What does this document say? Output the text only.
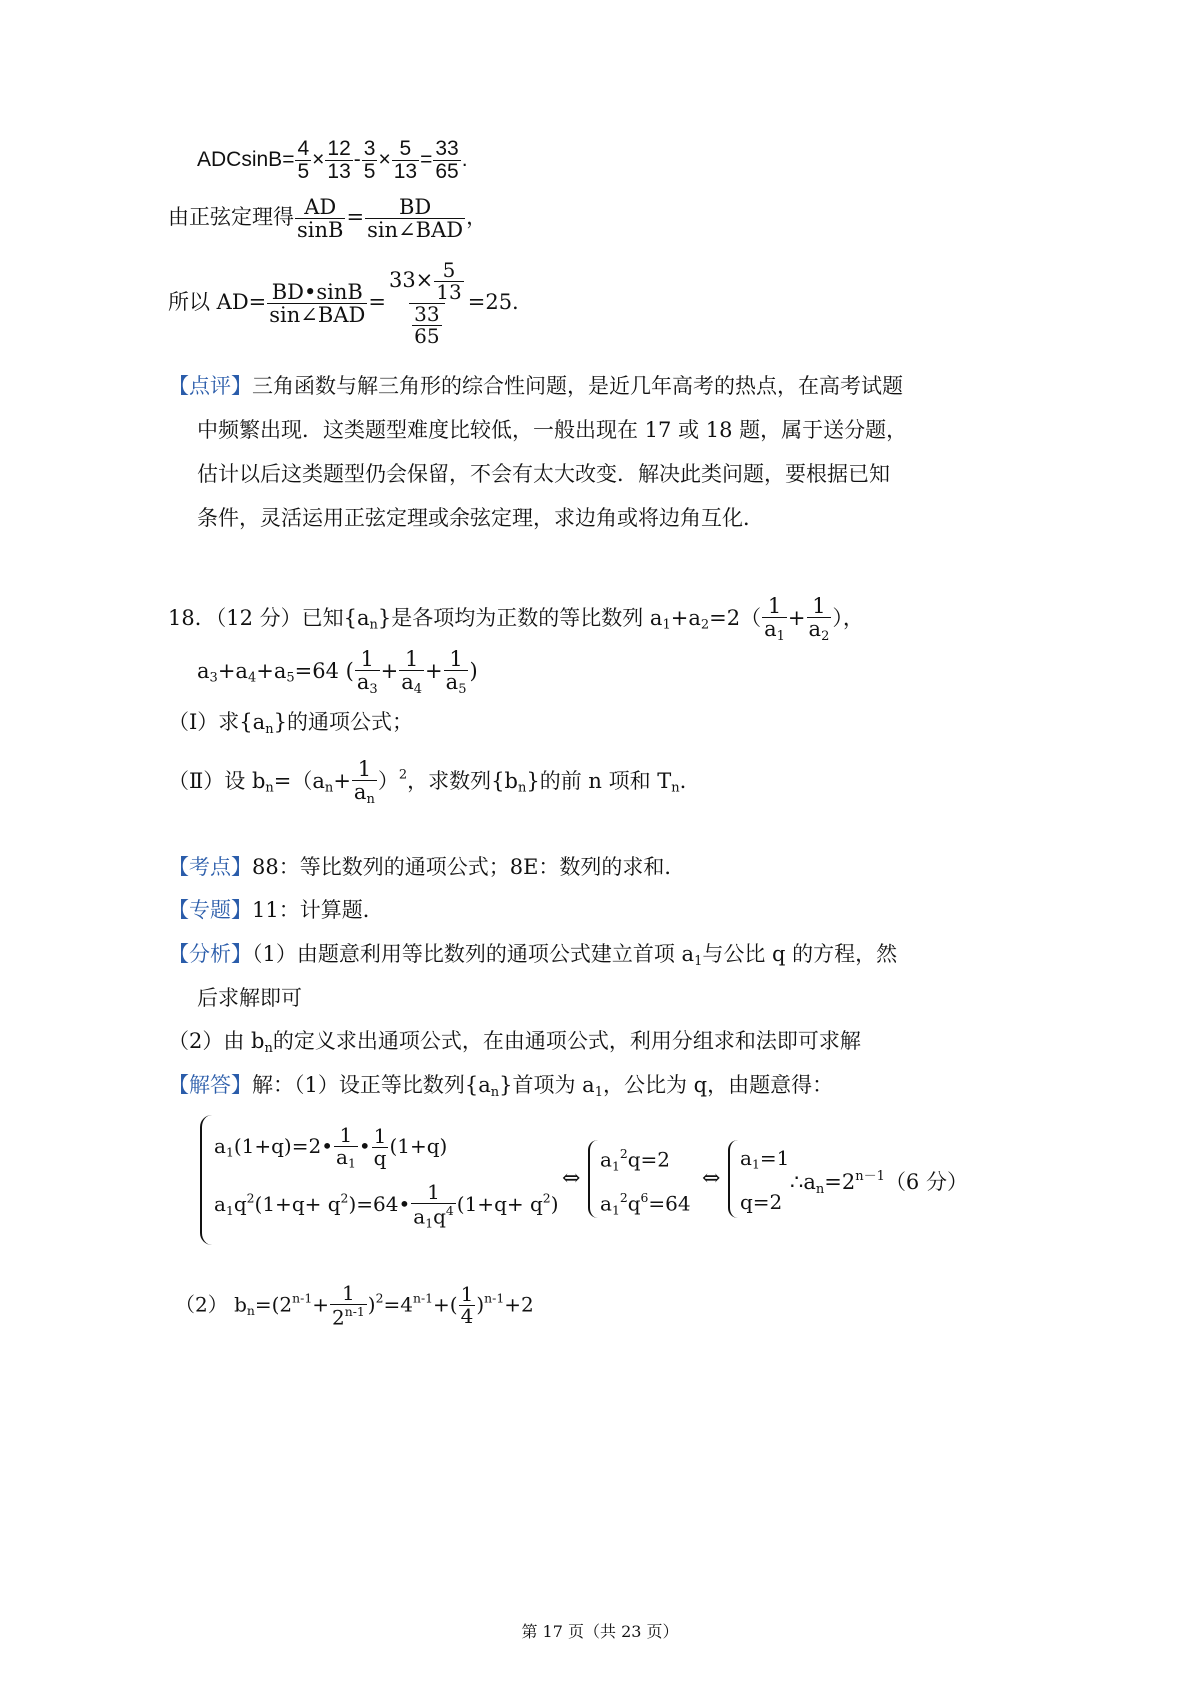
$ADCsinB= \frac{4}{5} \times \frac{12}{13} - \frac{3}{5} \times \frac{5}{13} = \frac{33}{65}$ .
由正弦定理得 $\frac{AD}{\sin B} = \frac{BD}{\text{sin∠BAD}}$ ，
所以 $AD= \frac{BD•\sin B}{\text{sin∠BAD}} = \frac{33\times \frac{5}{13}}{\frac{33}{65}} =25$.
【点评】三角函数与解三角形的综合性问题，是近几年高考的热点，在高考试题
中频繁出现．这类题型难度比较低，一般出现在 17 或 18 题，属于送分题，
估计以后这类题型仍会保留，不会有太大改变．解决此类问题，要根据已知
条件，灵活运用正弦定理或余弦定理，求边角或将边角互化．
18．（12 分）已知$\{a_n\}$是各项均为正数的等比数列 $a_1+a_2=2( \frac{1}{a_1} + \frac{1}{a_2}$ ），
$a_3+a_4+a_5=64$ ( $\frac{1}{a_3} + \frac{1}{a_4} + \frac{1}{a_5}$ )
（Ⅰ）求$\{a_n\}$的通项公式；
（Ⅱ）设 $b_n=(a_n+ \frac{1}{a_n} )^2$，求数列$\{b_n\}$的前 n 项和 $T_n$.
【考点】88：等比数列的通项公式；8E：数列的求和．
【专题】11：计算题．
【分析】（1）由题意利用等比数列的通项公式建立首项 $a_1$与公比 q 的方程，然
后求解即可
（2）由 $b_n$的定义求出通项公式，在由通项公式，利用分组求和法即可求解
【解答】解：（1）设正等比数列$\{a_n\}$首项为 $a_1$，公比为 q，由题意得：
$a_1(1+q)=2• \frac{1}{a_1}$ • $\frac{1}{q} (1+q)$
$a_1q^2(1+q+$ $q^2)=64• \frac{1}{a_1q^4} (1+q+ q^2)$
⇔
$a_1^2q=2$
$a_1^2q^6=64$
⇔
$a_1=1$
q=2
$\therefore a_n=2^{n-1}(6$ 分）
（2） $b_n=(2^{n-1}+ \frac{1}{2^{n-1}} )^2=4^{n-1}+( \frac{1}{4} )^{n-1}+2$
第 17 页（共 23 页）
